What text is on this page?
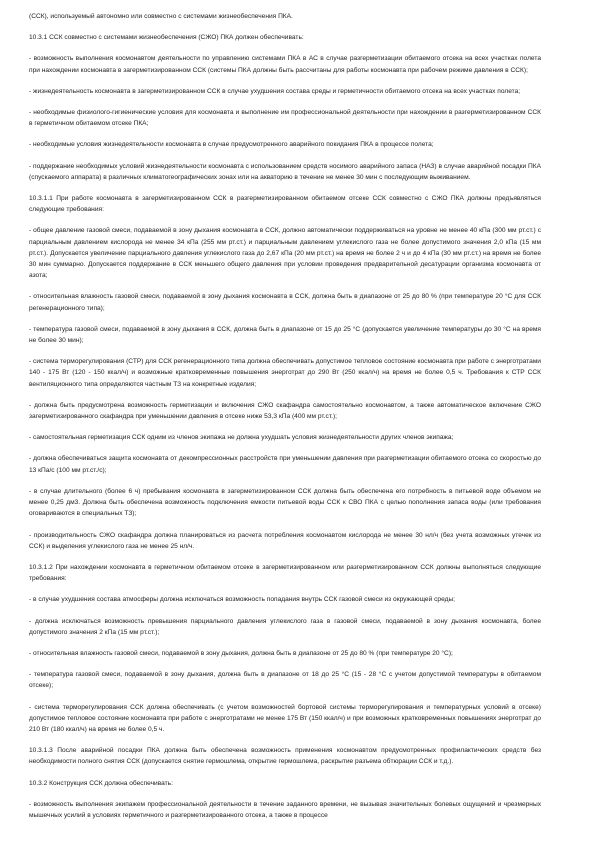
(ССК), используемый автономно или совместно с системами жизнеобеспечения ПКА.

10.3.1 ССК совместно с системами жизнеобеспечения (СЖО) ПКА должен обеспечивать:

- возможность выполнения космонавтом деятельности по управлению системами ПКА в АС в случае разгерметизации обитаемого отсека на всех участках полета при нахождении космонавта в загерметизированном ССК (системы ПКА должны быть рассчитаны для работы космонавта при рабочем режиме давления в ССК);

- жизнедеятельность космонавта в загерметизированном ССК в случае ухудшения состава среды и герметичности обитаемого отсека на всех участках полета;

- необходимые физиолого-гигиенические условия для космонавта и выполнение им профессиональной деятельности при нахождении в разгерметизированном ССК в герметичном обитаемом отсеке ПКА;

- необходимые условия жизнедеятельности космонавта в случае предусмотренного аварийного покидания ПКА в процессе полета;

- поддержание необходимых условий жизнедеятельности космонавта с использованием средств носимого аварийного запаса (НАЗ) в случае аварийной посадки ПКА (спускаемого аппарата) в различных климатогеографических зонах или на акваторию в течение не менее 30 мин с последующим выживанием.

10.3.1.1 При работе космонавта в загерметизированном ССК в разгерметизированном обитаемом отсеке ССК совместно с СЖО ПКА должны предъявляться следующие требования:

- общее давление газовой смеси, подаваемой в зону дыхания космонавта в ССК, должно автоматически поддерживаться на уровне не менее 40 кПа (300 мм рт.ст.) с парциальным давлением кислорода не менее 34 кПа (255 мм рт.ст.) и парциальным давлением углекислого газа не более допустимого значения 2,0 кПа (15 мм рт.ст.). Допускается увеличение парциального давления углекислого газа до 2,67 кПа (20 мм рт.ст.) на время не более 2 ч и до 4 кПа (30 мм рт.ст.) на время не более 30 мин суммарно. Допускается поддержание в ССК меньшего общего давления при условии проведения предварительной десатурации организма космонавта от азота;

- относительная влажность газовой смеси, подаваемой в зону дыхания космонавта в ССК, должна быть в диапазоне от 25 до 80 % (при температуре 20 °С для ССК регенерационного типа);

- температура газовой смеси, подаваемой в зону дыхания в ССК, должна быть в диапазоне от 15 до 25 °С (допускается увеличение температуры до 30 °С на время не более 30 мин);

- система терморегулирования (СТР) для ССК регенерационного типа должна обеспечивать допустимое тепловое состояние космонавта при работе с энерготратами 140 - 175 Вт (120 - 150 ккал/ч) и возможные кратковременные повышения энерготрат до 290 Вт (250 ккал/ч) на время не более 0,5 ч. Требования к СТР ССК вентиляционного типа определяются частным ТЗ на конкретные изделия;

- должна быть предусмотрена возможность герметизации и включения СЖО скафандра самостоятельно космонавтом, а также автоматическое включение СЖО загерметизированного скафандра при уменьшении давления в отсеке ниже 53,3 кПа (400 мм рт.ст.);

- самостоятельная герметизация ССК одним из членов экипажа не должна ухудшать условия жизнедеятельности других членов экипажа;

- должна обеспечиваться защита космонавта от декомпрессионных расстройств при уменьшении давления при разгерметизации обитаемого отсека со скоростью до 13 кПа/с (100 мм рт.ст./с);

- в случае длительного (более 6 ч) пребывания космонавта в загерметизированном ССК должна быть обеспечена его потребность в питьевой воде объемом не менее 0,25 дм3. Должна быть обеспечена возможность подключения емкости питьевой воды ССК к СВО ПКА с целью пополнения запаса воды (или требования оговариваются в специальных ТЗ);

- производительность СЖО скафандра должна планироваться из расчета потребления космонавтом кислорода не менее 30 нл/ч (без учета возможных утечек из ССК) и выделения углекислого газа не менее 25 нл/ч.

10.3.1.2 При нахождении космонавта в герметичном обитаемом отсеке в загерметизированном или разгерметизированном ССК должны выполняться следующие требования:

- в случае ухудшения состава атмосферы должна исключаться возможность попадания внутрь ССК газовой смеси из окружающей среды;

- должна исключаться возможность превышения парциального давления углекислого газа в газовой смеси, подаваемой в зону дыхания космонавта, более допустимого значения 2 кПа (15 мм рт.ст.);

- относительная влажность газовой смеси, подаваемой в зону дыхания, должна быть в диапазоне от 25 до 80 % (при температуре 20 °С);

- температура газовой смеси, подаваемой в зону дыхания, должна быть в диапазоне от 18 до 25 °С (15 - 28 °С с учетом допустимой температуры в обитаемом отсеке);

- система терморегулирования ССК должна обеспечивать (с учетом возможностей бортовой системы терморегулирования и температурных условий в отсеке) допустимое тепловое состояние космонавта при работе с энерготратами не менее 175 Вт (150 ккал/ч) и при возможных кратковременных повышениях энерготрат до 210 Вт (180 ккал/ч) на время не более 0,5 ч.

10.3.1.3 После аварийной посадки ПКА должна быть обеспечена возможность применения космонавтом предусмотренных профилактических средств без необходимости полного снятия ССК (допускается снятие гермошлема, открытие гермошлема, раскрытие разъема обтюрации ССК и т.д.).

10.3.2 Конструкция ССК должна обеспечивать:

- возможность выполнения экипажем профессиональной деятельности в течение заданного времени, не вызывая значительных болевых ощущений и чрезмерных мышечных усилий в условиях герметичного и разгерметизированного отсека, а также в процессе
